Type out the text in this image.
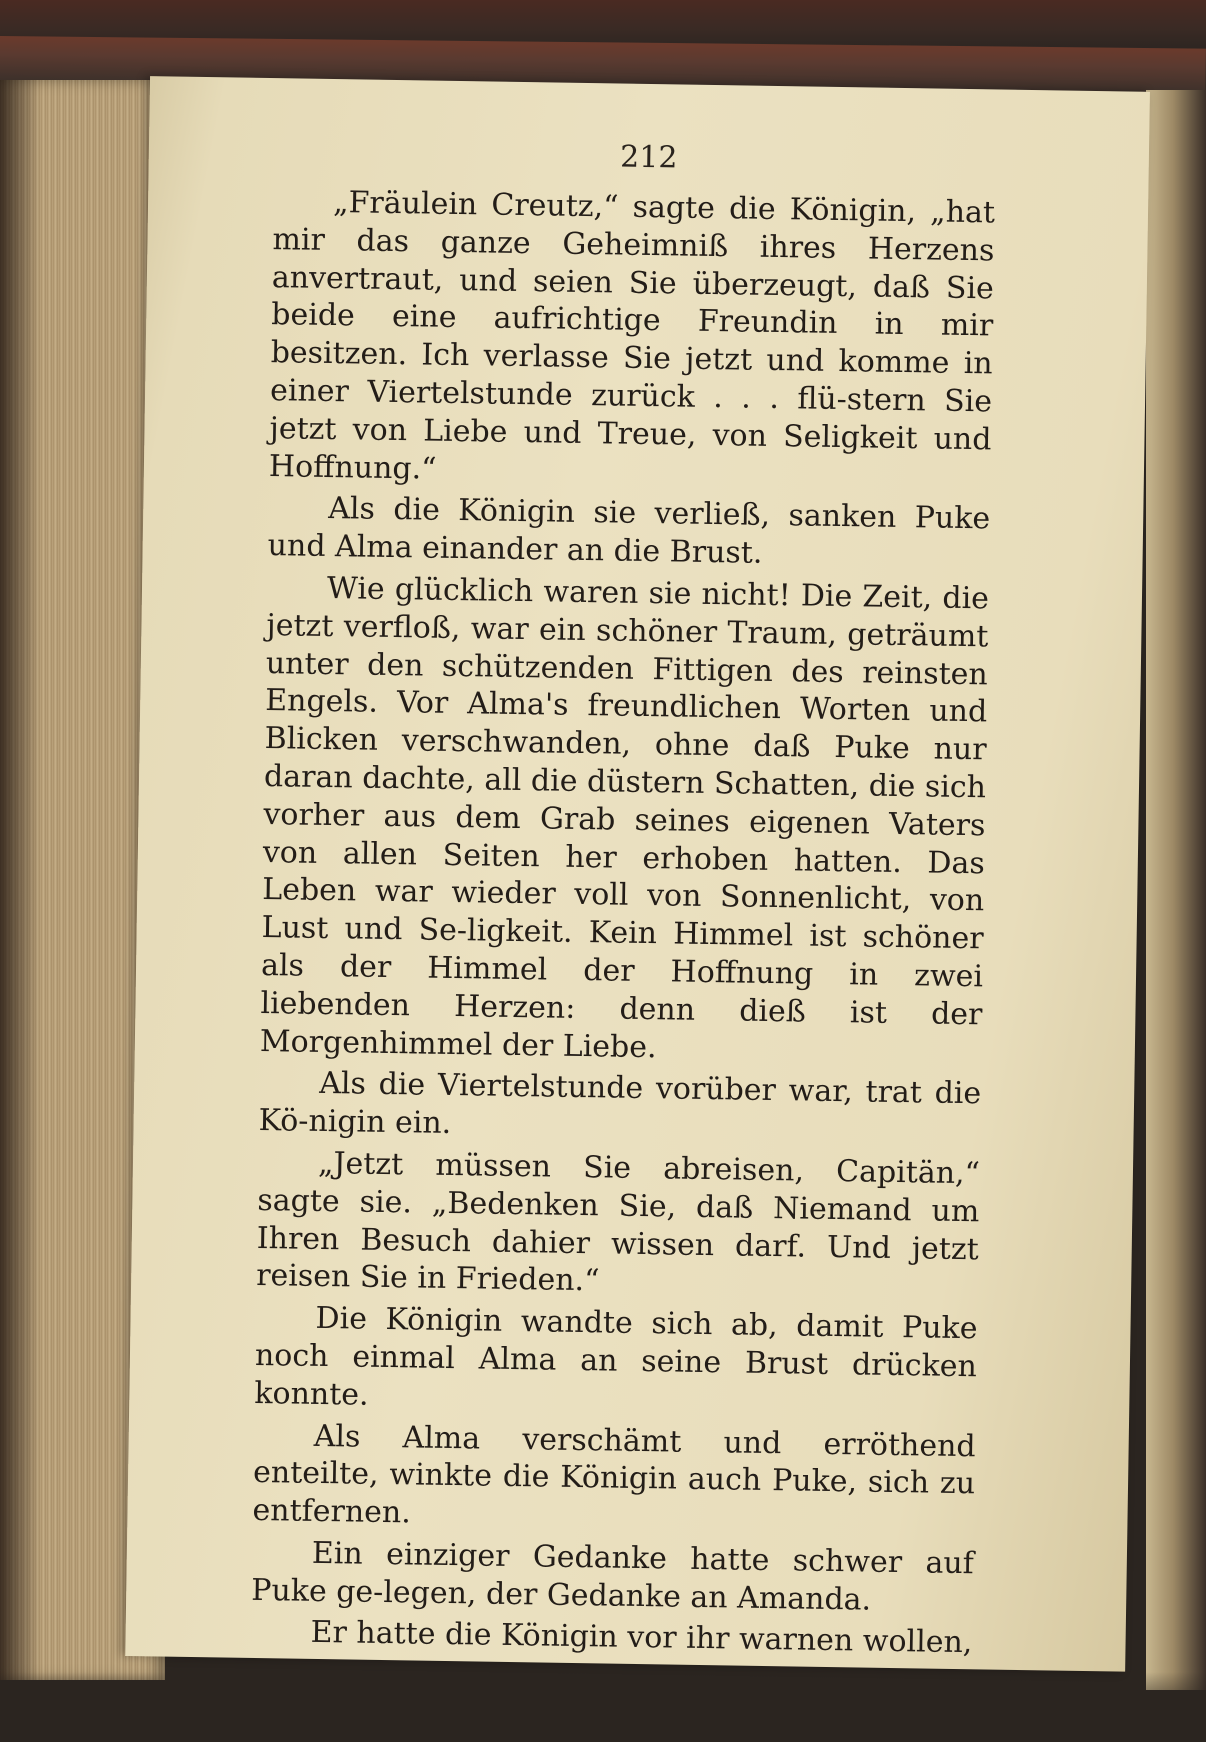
212

„Fräulein Creutz,“ sagte die Königin, „hat mir das ganze Geheimniß ihres Herzens anvertraut, und seien Sie überzeugt, daß Sie beide eine aufrichtige Freundin in mir besitzen. Ich verlasse Sie jetzt und komme in einer Viertelstunde zurück . . . flü-stern Sie jetzt von Liebe und Treue, von Seligkeit und Hoffnung.“

Als die Königin sie verließ, sanken Puke und Alma einander an die Brust.

Wie glücklich waren sie nicht! Die Zeit, die jetzt verfloß, war ein schöner Traum, geträumt unter den schützenden Fittigen des reinsten Engels. Vor Alma's freundlichen Worten und Blicken verschwanden, ohne daß Puke nur daran dachte, all die düstern Schatten, die sich vorher aus dem Grab seines eigenen Vaters von allen Seiten her erhoben hatten. Das Leben war wieder voll von Sonnenlicht, von Lust und Se-ligkeit. Kein Himmel ist schöner als der Himmel der Hoffnung in zwei liebenden Herzen: denn dieß ist der Morgenhimmel der Liebe.

Als die Viertelstunde vorüber war, trat die Kö-nigin ein.

„Jetzt müssen Sie abreisen, Capitän,“ sagte sie. „Bedenken Sie, daß Niemand um Ihren Besuch dahier wissen darf. Und jetzt reisen Sie in Frieden.“

Die Königin wandte sich ab, damit Puke noch einmal Alma an seine Brust drücken konnte.

Als Alma verschämt und erröthend enteilte, winkte die Königin auch Puke, sich zu entfernen.

Ein einziger Gedanke hatte schwer auf Puke ge-legen, der Gedanke an Amanda.

Er hatte die Königin vor ihr warnen wollen,
